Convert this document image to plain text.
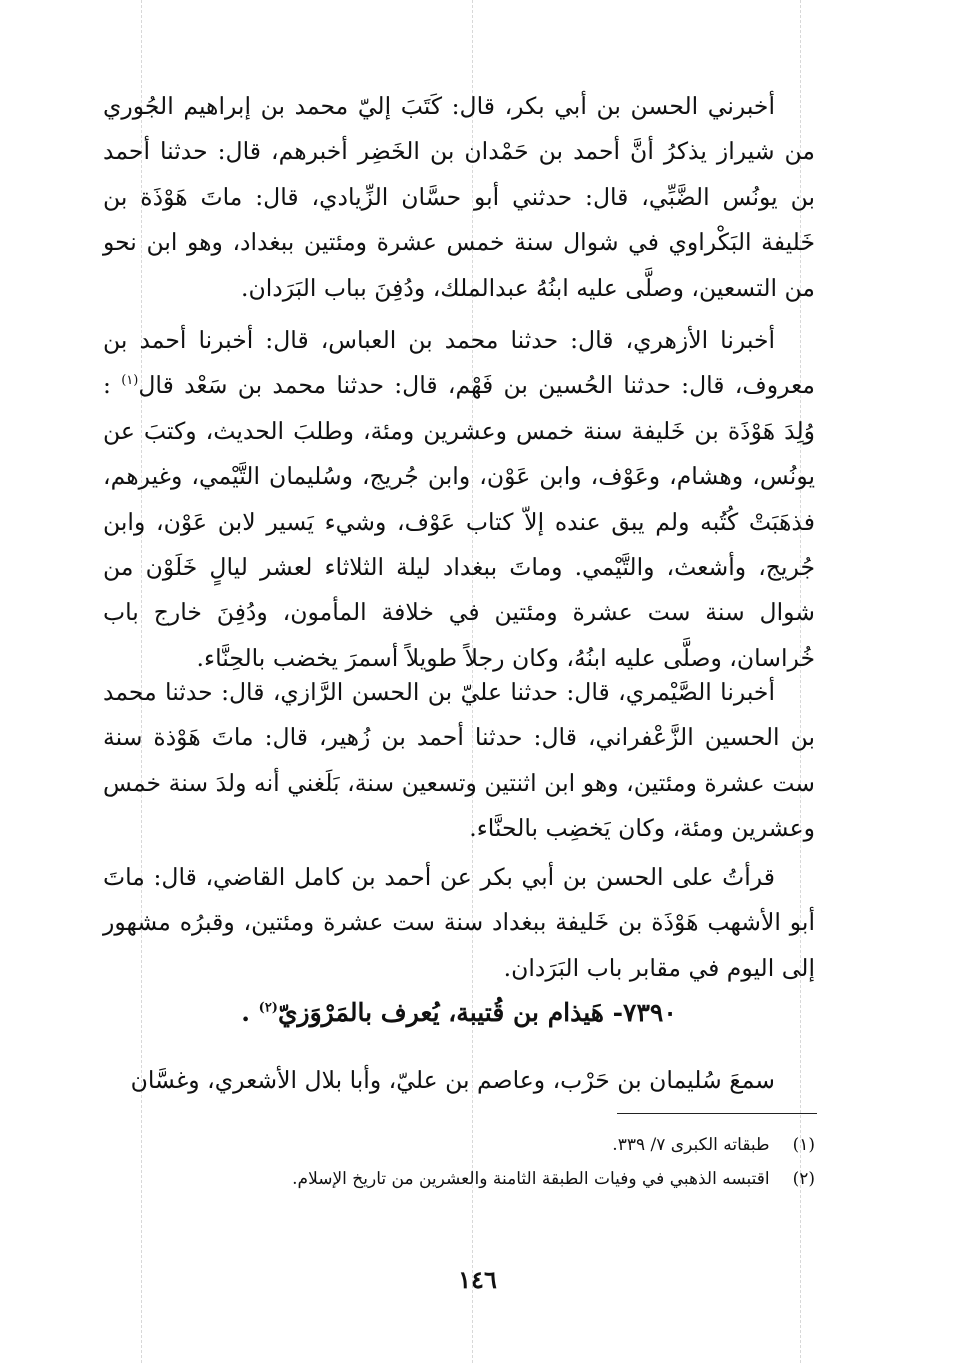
أخبرني الحسن بن أبي بكر، قال: كَتَبَ إليّ محمد بن إبراهيم الجُوري من شيراز يذكرُ أنَّ أحمد بن حَمْدان بن الخَضِر أخبرهم، قال: حدثنا أحمد بن يونُس الضَّبِّي، قال: حدثني أبو حسَّان الزِّيادي، قال: ماتَ هَوْذَة بن خَليفة البَكْراوي في شوال سنة خمس عشرة ومئتين ببغداد، وهو ابن نحو من التسعين، وصلَّى عليه ابنُهُ عبدالملك، ودُفِنَ بباب البَرَدان.

أخبرنا الأزهري، قال: حدثنا محمد بن العباس، قال: أخبرنا أحمد بن معروف، قال: حدثنا الحُسين بن فَهْم، قال: حدثنا محمد بن سَعْد قال$^{(١)}$ : وُلِدَ هَوْذَة بن خَليفة سنة خمس وعشرين ومئة، وطلبَ الحديث، وكتبَ عن يونُس، وهشام، وعَوْف، وابن عَوْن، وابن جُريج، وسُليمان التَّيْمي، وغيرهم، فذهَبَتْ كُتُبه ولم يبق عنده إلاّ كتاب عَوْف، وشيء يَسير لابن عَوْن، وابن جُريج، وأشعث، والتَّيْمي. وماتَ ببغداد ليلة الثلاثاء لعشر ليالٍ خَلَوْن من شوال سنة ست عشرة ومئتين في خلافة المأمون، ودُفِنَ خارج باب خُراسان، وصلَّى عليه ابنُهُ، وكان رجلاً طويلاً أسمرَ يخضب بالحِنَّاء.

أخبرنا الصَّيْمري، قال: حدثنا عليّ بن الحسن الرَّازي، قال: حدثنا محمد بن الحسين الزَّعْفراني، قال: حدثنا أحمد بن زُهير، قال: ماتَ هَوْذة سنة ست عشرة ومئتين، وهو ابن اثنتين وتسعين سنة، بَلَغني أنه ولدَ سنة خمس وعشرين ومئة، وكان يَخضِب بالحنَّاء.

قرأتُ على الحسن بن أبي بكر عن أحمد بن كامل القاضي، قال: ماتَ أبو الأشهب هَوْذَة بن خَليفة ببغداد سنة ست عشرة ومئتين، وقبرُه مشهور إلى اليوم في مقابر باب البَرَدان.

٧٣٩٠- هَيذام بن قُتيبة، يُعرف بالمَرْوَزيّ$^{(٢)}$ .

سمعَ سُليمان بن حَرْب، وعاصم بن عليّ، وأبا بلال الأشعري، وغسَّان

(١) طبقاته الكبرى ٧/ ٣٣٩.
(٢) اقتبسه الذهبي في وفيات الطبقة الثامنة والعشرين من تاريخ الإسلام.
١٤٦
